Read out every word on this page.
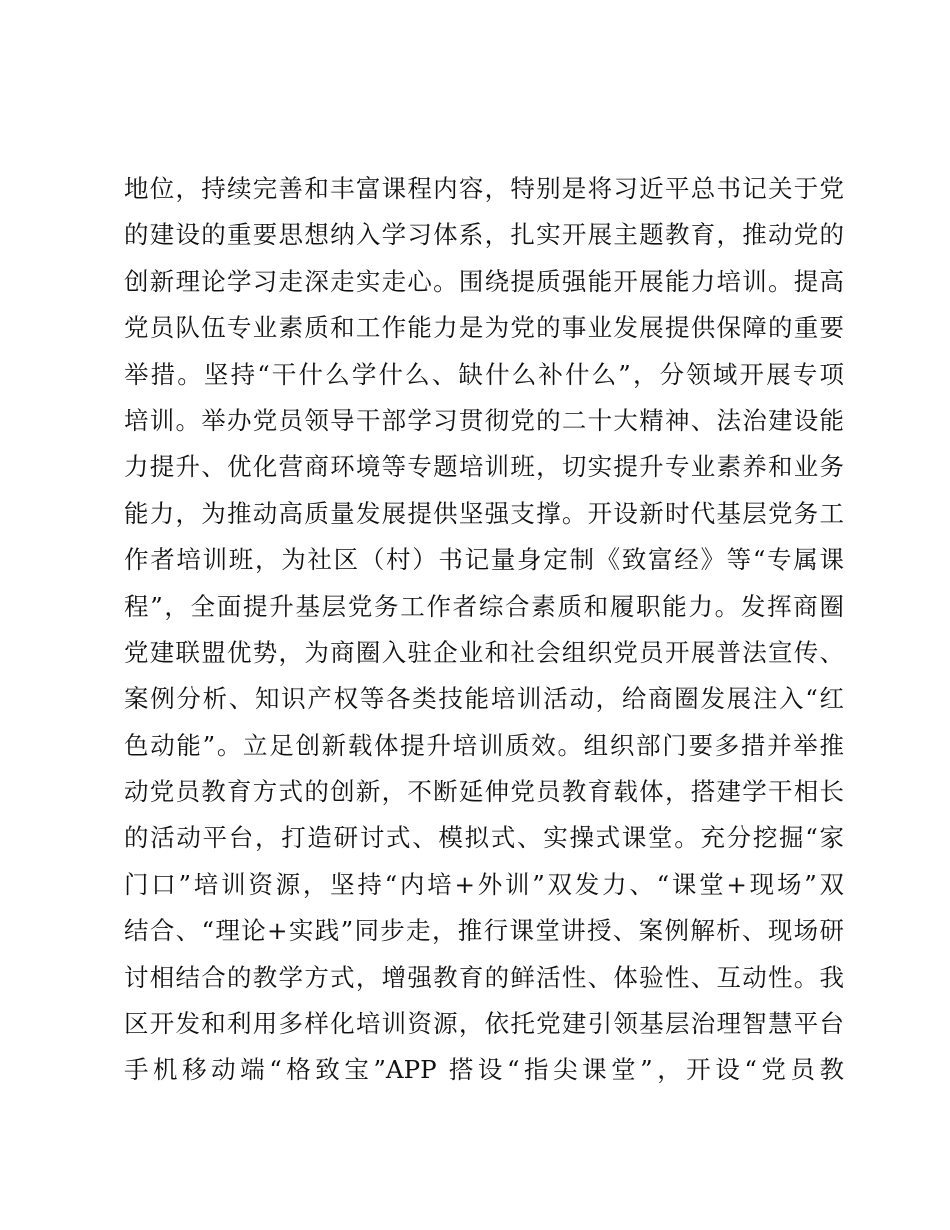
地位，持续完善和丰富课程内容，特别是将习近平总书记关于党
的建设的重要思想纳入学习体系，扎实开展主题教育，推动党的
创新理论学习走深走实走心。围绕提质强能开展能力培训。提高
党员队伍专业素质和工作能力是为党的事业发展提供保障的重要
举措。坚持“干什么学什么、缺什么补什么”，分领域开展专项
培训。举办党员领导干部学习贯彻党的二十大精神、法治建设能
力提升、优化营商环境等专题培训班，切实提升专业素养和业务
能力，为推动高质量发展提供坚强支撑。开设新时代基层党务工
作者培训班，为社区（村）书记量身定制《致富经》等“专属课
程”，全面提升基层党务工作者综合素质和履职能力。发挥商圈
党建联盟优势，为商圈入驻企业和社会组织党员开展普法宣传、
案例分析、知识产权等各类技能培训活动，给商圈发展注入“红
色动能”。立足创新载体提升培训质效。组织部门要多措并举推
动党员教育方式的创新，不断延伸党员教育载体，搭建学干相长
的活动平台，打造研讨式、模拟式、实操式课堂。充分挖掘“家
门口”培训资源，坚持“内培+外训”双发力、“课堂+现场”双
结合、“理论+实践”同步走，推行课堂讲授、案例解析、现场研
讨相结合的教学方式，增强教育的鲜活性、体验性、互动性。我
区开发和利用多样化培训资源，依托党建引领基层治理智慧平台
手机移动端“格致宝”APP 搭设“指尖课堂”，开设“党员教
